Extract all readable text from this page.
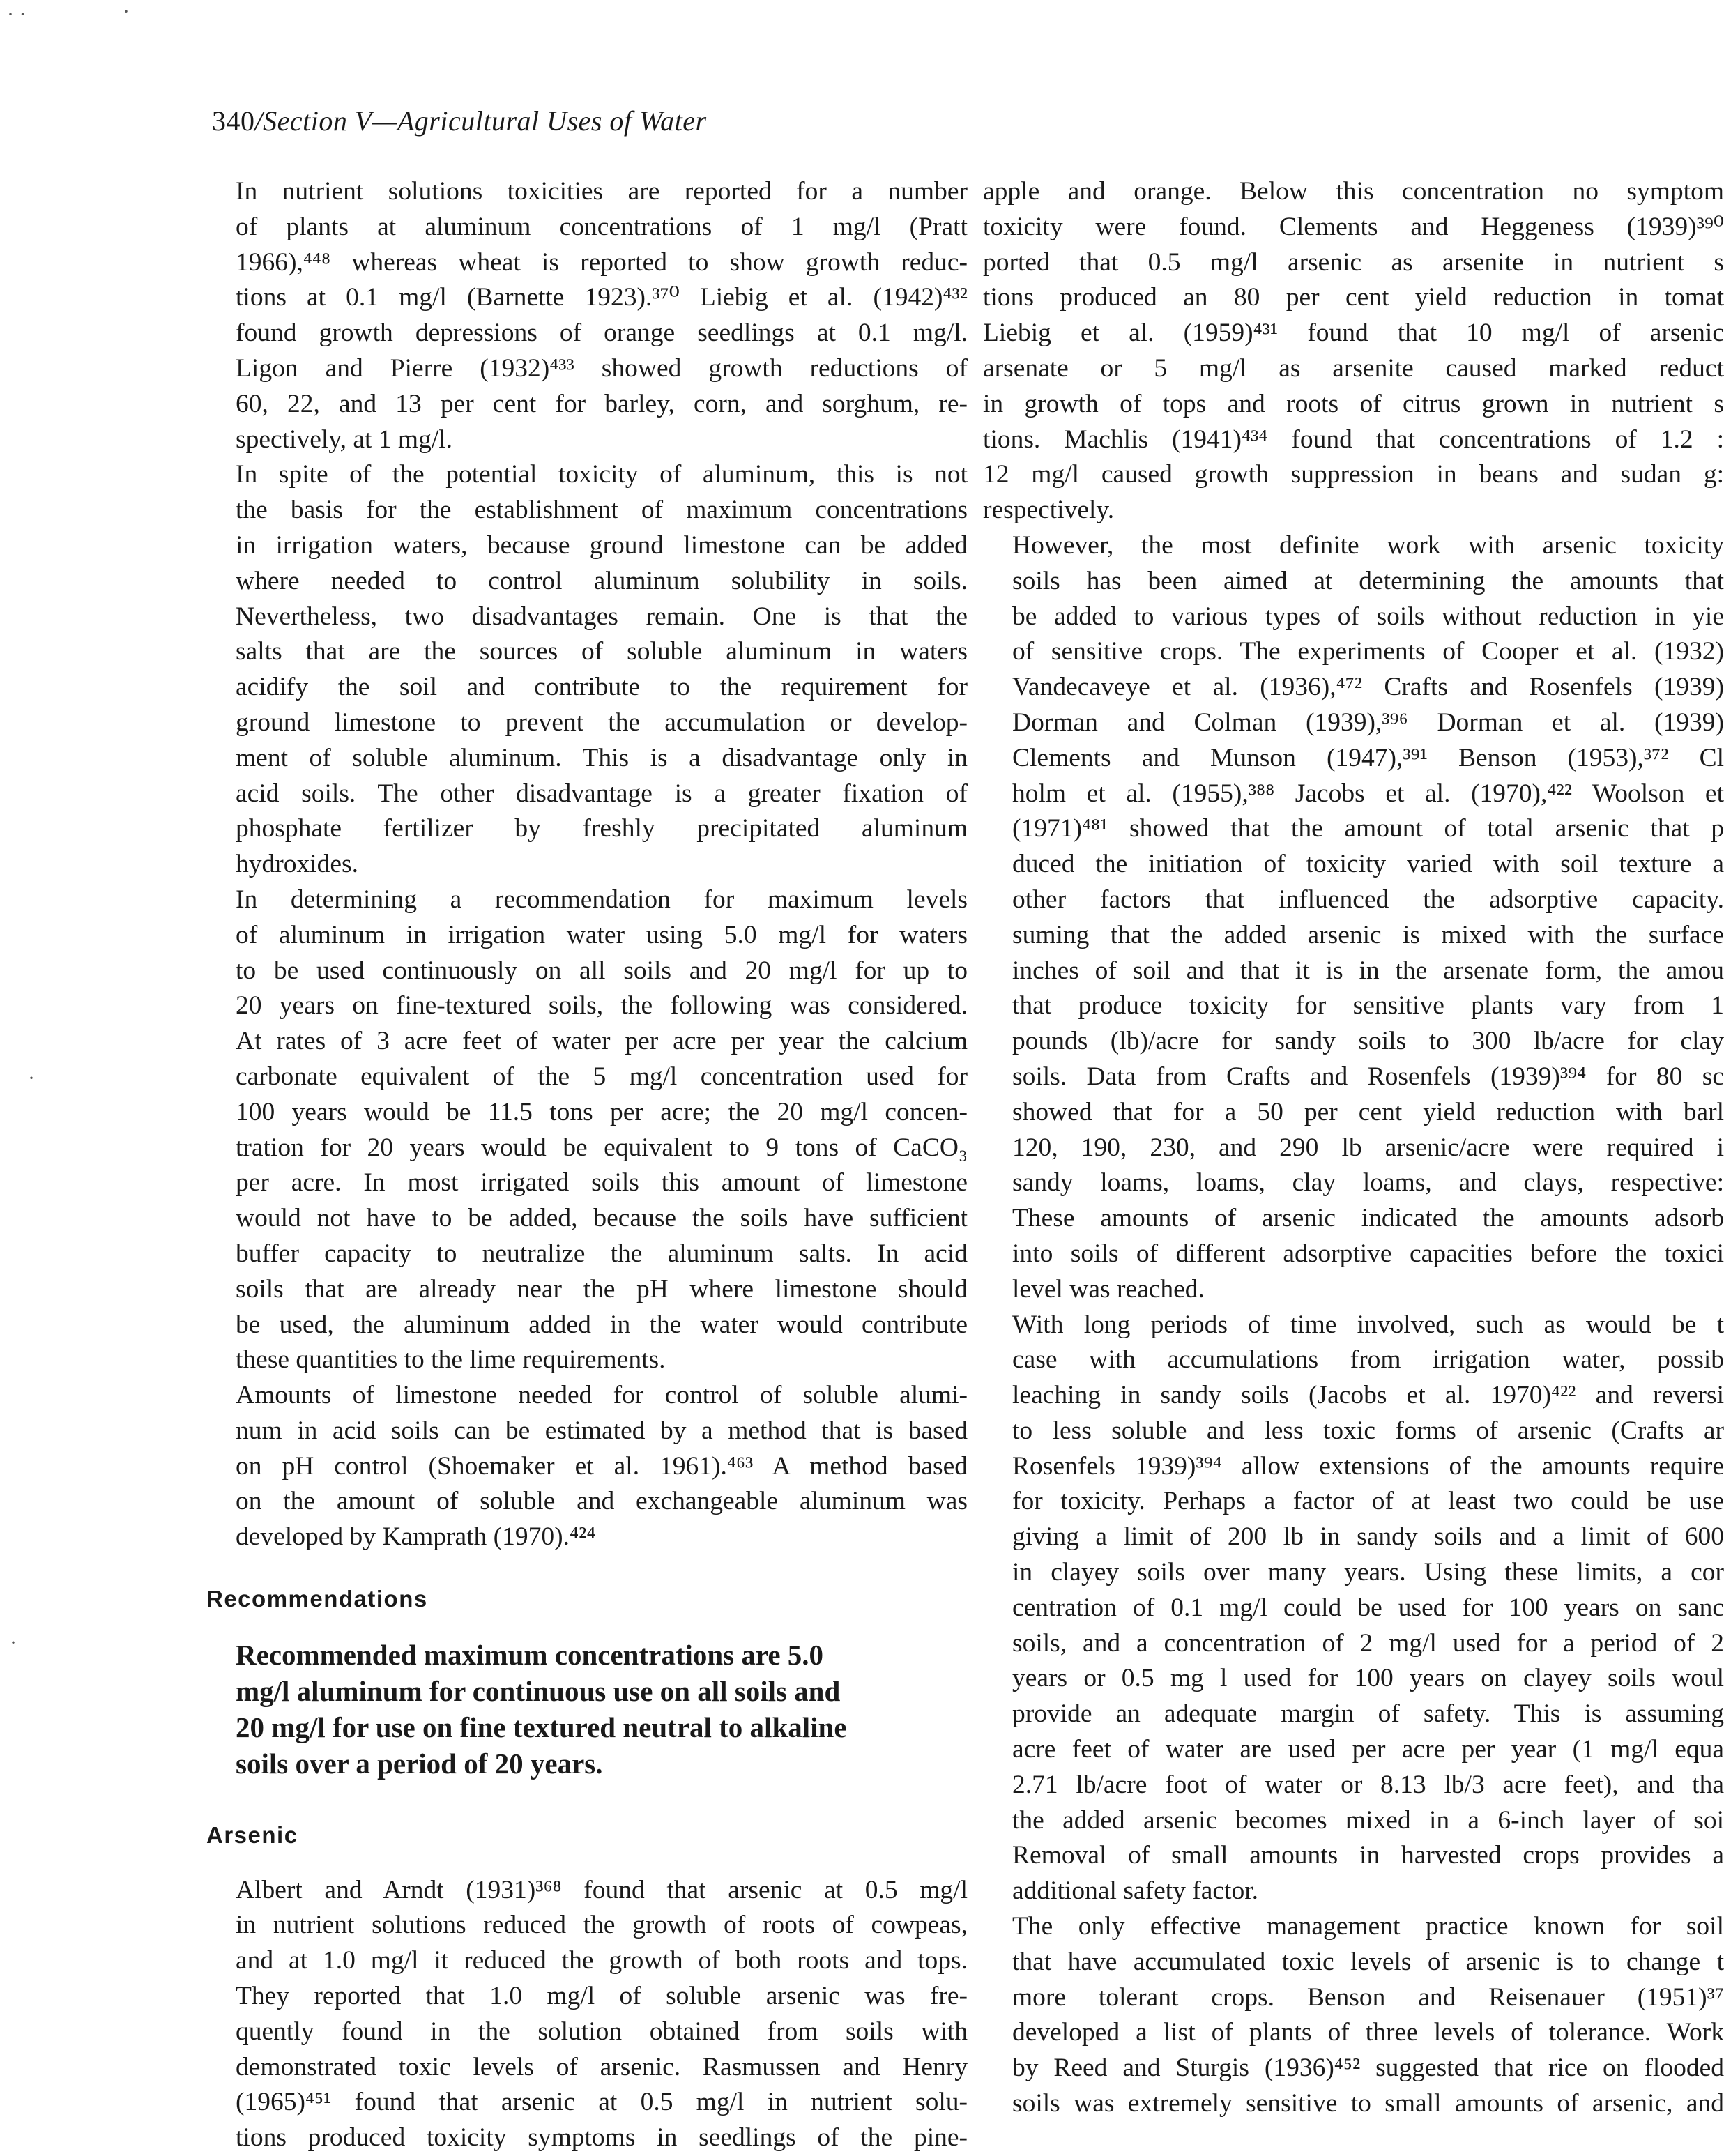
340/Section V—Agricultural Uses of Water

In nutrient solutions toxicities are reported for a number
of plants at aluminum concentrations of 1 mg/l (Pratt
1966),⁴⁴⁸ whereas wheat is reported to show growth reduc-
tions at 0.1 mg/l (Barnette 1923).³⁷⁰ Liebig et al. (1942)⁴³²
found growth depressions of orange seedlings at 0.1 mg/l.
Ligon and Pierre (1932)⁴³³ showed growth reductions of
60, 22, and 13 per cent for barley, corn, and sorghum, re-
spectively, at 1 mg/l.

In spite of the potential toxicity of aluminum, this is not
the basis for the establishment of maximum concentrations
in irrigation waters, because ground limestone can be added
where needed to control aluminum solubility in soils.
Nevertheless, two disadvantages remain. One is that the
salts that are the sources of soluble aluminum in waters
acidify the soil and contribute to the requirement for
ground limestone to prevent the accumulation or develop-
ment of soluble aluminum. This is a disadvantage only in
acid soils. The other disadvantage is a greater fixation of
phosphate fertilizer by freshly precipitated aluminum
hydroxides.

In determining a recommendation for maximum levels
of aluminum in irrigation water using 5.0 mg/l for waters
to be used continuously on all soils and 20 mg/l for up to
20 years on fine-textured soils, the following was considered.
At rates of 3 acre feet of water per acre per year the calcium
carbonate equivalent of the 5 mg/l concentration used for
100 years would be 11.5 tons per acre; the 20 mg/l concen-
tration for 20 years would be equivalent to 9 tons of CaCO₃
per acre. In most irrigated soils this amount of limestone
would not have to be added, because the soils have sufficient
buffer capacity to neutralize the aluminum salts. In acid
soils that are already near the pH where limestone should
be used, the aluminum added in the water would contribute
these quantities to the lime requirements.

Amounts of limestone needed for control of soluble alumi-
num in acid soils can be estimated by a method that is based
on pH control (Shoemaker et al. 1961).⁴⁶³ A method based
on the amount of soluble and exchangeable aluminum was
developed by Kamprath (1970).⁴²⁴

Recommendations
Recommended maximum concentrations are 5.0
mg/l aluminum for continuous use on all soils and
20 mg/l for use on fine textured neutral to alkaline
soils over a period of 20 years.
Arsenic

Albert and Arndt (1931)³⁶⁸ found that arsenic at 0.5 mg/l
in nutrient solutions reduced the growth of roots of cowpeas,
and at 1.0 mg/l it reduced the growth of both roots and tops.
They reported that 1.0 mg/l of soluble arsenic was fre-
quently found in the solution obtained from soils with
demonstrated toxic levels of arsenic. Rasmussen and Henry
(1965)⁴⁵¹ found that arsenic at 0.5 mg/l in nutrient solu-
tions produced toxicity symptoms in seedlings of the pine-

apple and orange. Below this concentration no symptom
toxicity were found. Clements and Heggeness (1939)³⁹⁰
ported that 0.5 mg/l arsenic as arsenite in nutrient s
tions produced an 80 per cent yield reduction in tomat
Liebig et al. (1959)⁴³¹ found that 10 mg/l of arsenic
arsenate or 5 mg/l as arsenite caused marked reduct
in growth of tops and roots of citrus grown in nutrient s
tions. Machlis (1941)⁴³⁴ found that concentrations of 1.2 :
12 mg/l caused growth suppression in beans and sudan g:
respectively.

However, the most definite work with arsenic toxicity
soils has been aimed at determining the amounts that
be added to various types of soils without reduction in yie
of sensitive crops. The experiments of Cooper et al. (1932)
Vandecaveye et al. (1936),⁴⁷² Crafts and Rosenfels (1939)
Dorman and Colman (1939),³⁹⁶ Dorman et al. (1939)
Clements and Munson (1947),³⁹¹ Benson (1953),³⁷² Cl
holm et al. (1955),³⁸⁸ Jacobs et al. (1970),⁴²² Woolson et
(1971)⁴⁸¹ showed that the amount of total arsenic that p
duced the initiation of toxicity varied with soil texture a
other factors that influenced the adsorptive capacity.
suming that the added arsenic is mixed with the surface
inches of soil and that it is in the arsenate form, the amou
that produce toxicity for sensitive plants vary from 1
pounds (lb)/acre for sandy soils to 300 lb/acre for clay
soils. Data from Crafts and Rosenfels (1939)³⁹⁴ for 80 sc
showed that for a 50 per cent yield reduction with barl
120, 190, 230, and 290 lb arsenic/acre were required i
sandy loams, loams, clay loams, and clays, respective:
These amounts of arsenic indicated the amounts adsorb
into soils of different adsorptive capacities before the toxici
level was reached.

With long periods of time involved, such as would be t
case with accumulations from irrigation water, possib
leaching in sandy soils (Jacobs et al. 1970)⁴²² and reversi
to less soluble and less toxic forms of arsenic (Crafts ar
Rosenfels 1939)³⁹⁴ allow extensions of the amounts require
for toxicity. Perhaps a factor of at least two could be use
giving a limit of 200 lb in sandy soils and a limit of 600
in clayey soils over many years. Using these limits, a cor
centration of 0.1 mg/l could be used for 100 years on sanc
soils, and a concentration of 2 mg/l used for a period of 2
years or 0.5 mg l used for 100 years on clayey soils woul
provide an adequate margin of safety. This is assuming
acre feet of water are used per acre per year (1 mg/l equa
2.71 lb/acre foot of water or 8.13 lb/3 acre feet), and tha
the added arsenic becomes mixed in a 6-inch layer of soi
Removal of small amounts in harvested crops provides a
additional safety factor.

The only effective management practice known for soil
that have accumulated toxic levels of arsenic is to change t
more tolerant crops. Benson and Reisenauer (1951)³⁷
developed a list of plants of three levels of tolerance. Work
by Reed and Sturgis (1936)⁴⁵² suggested that rice on flooded
soils was extremely sensitive to small amounts of arsenic, and

· ·	·
·
·
